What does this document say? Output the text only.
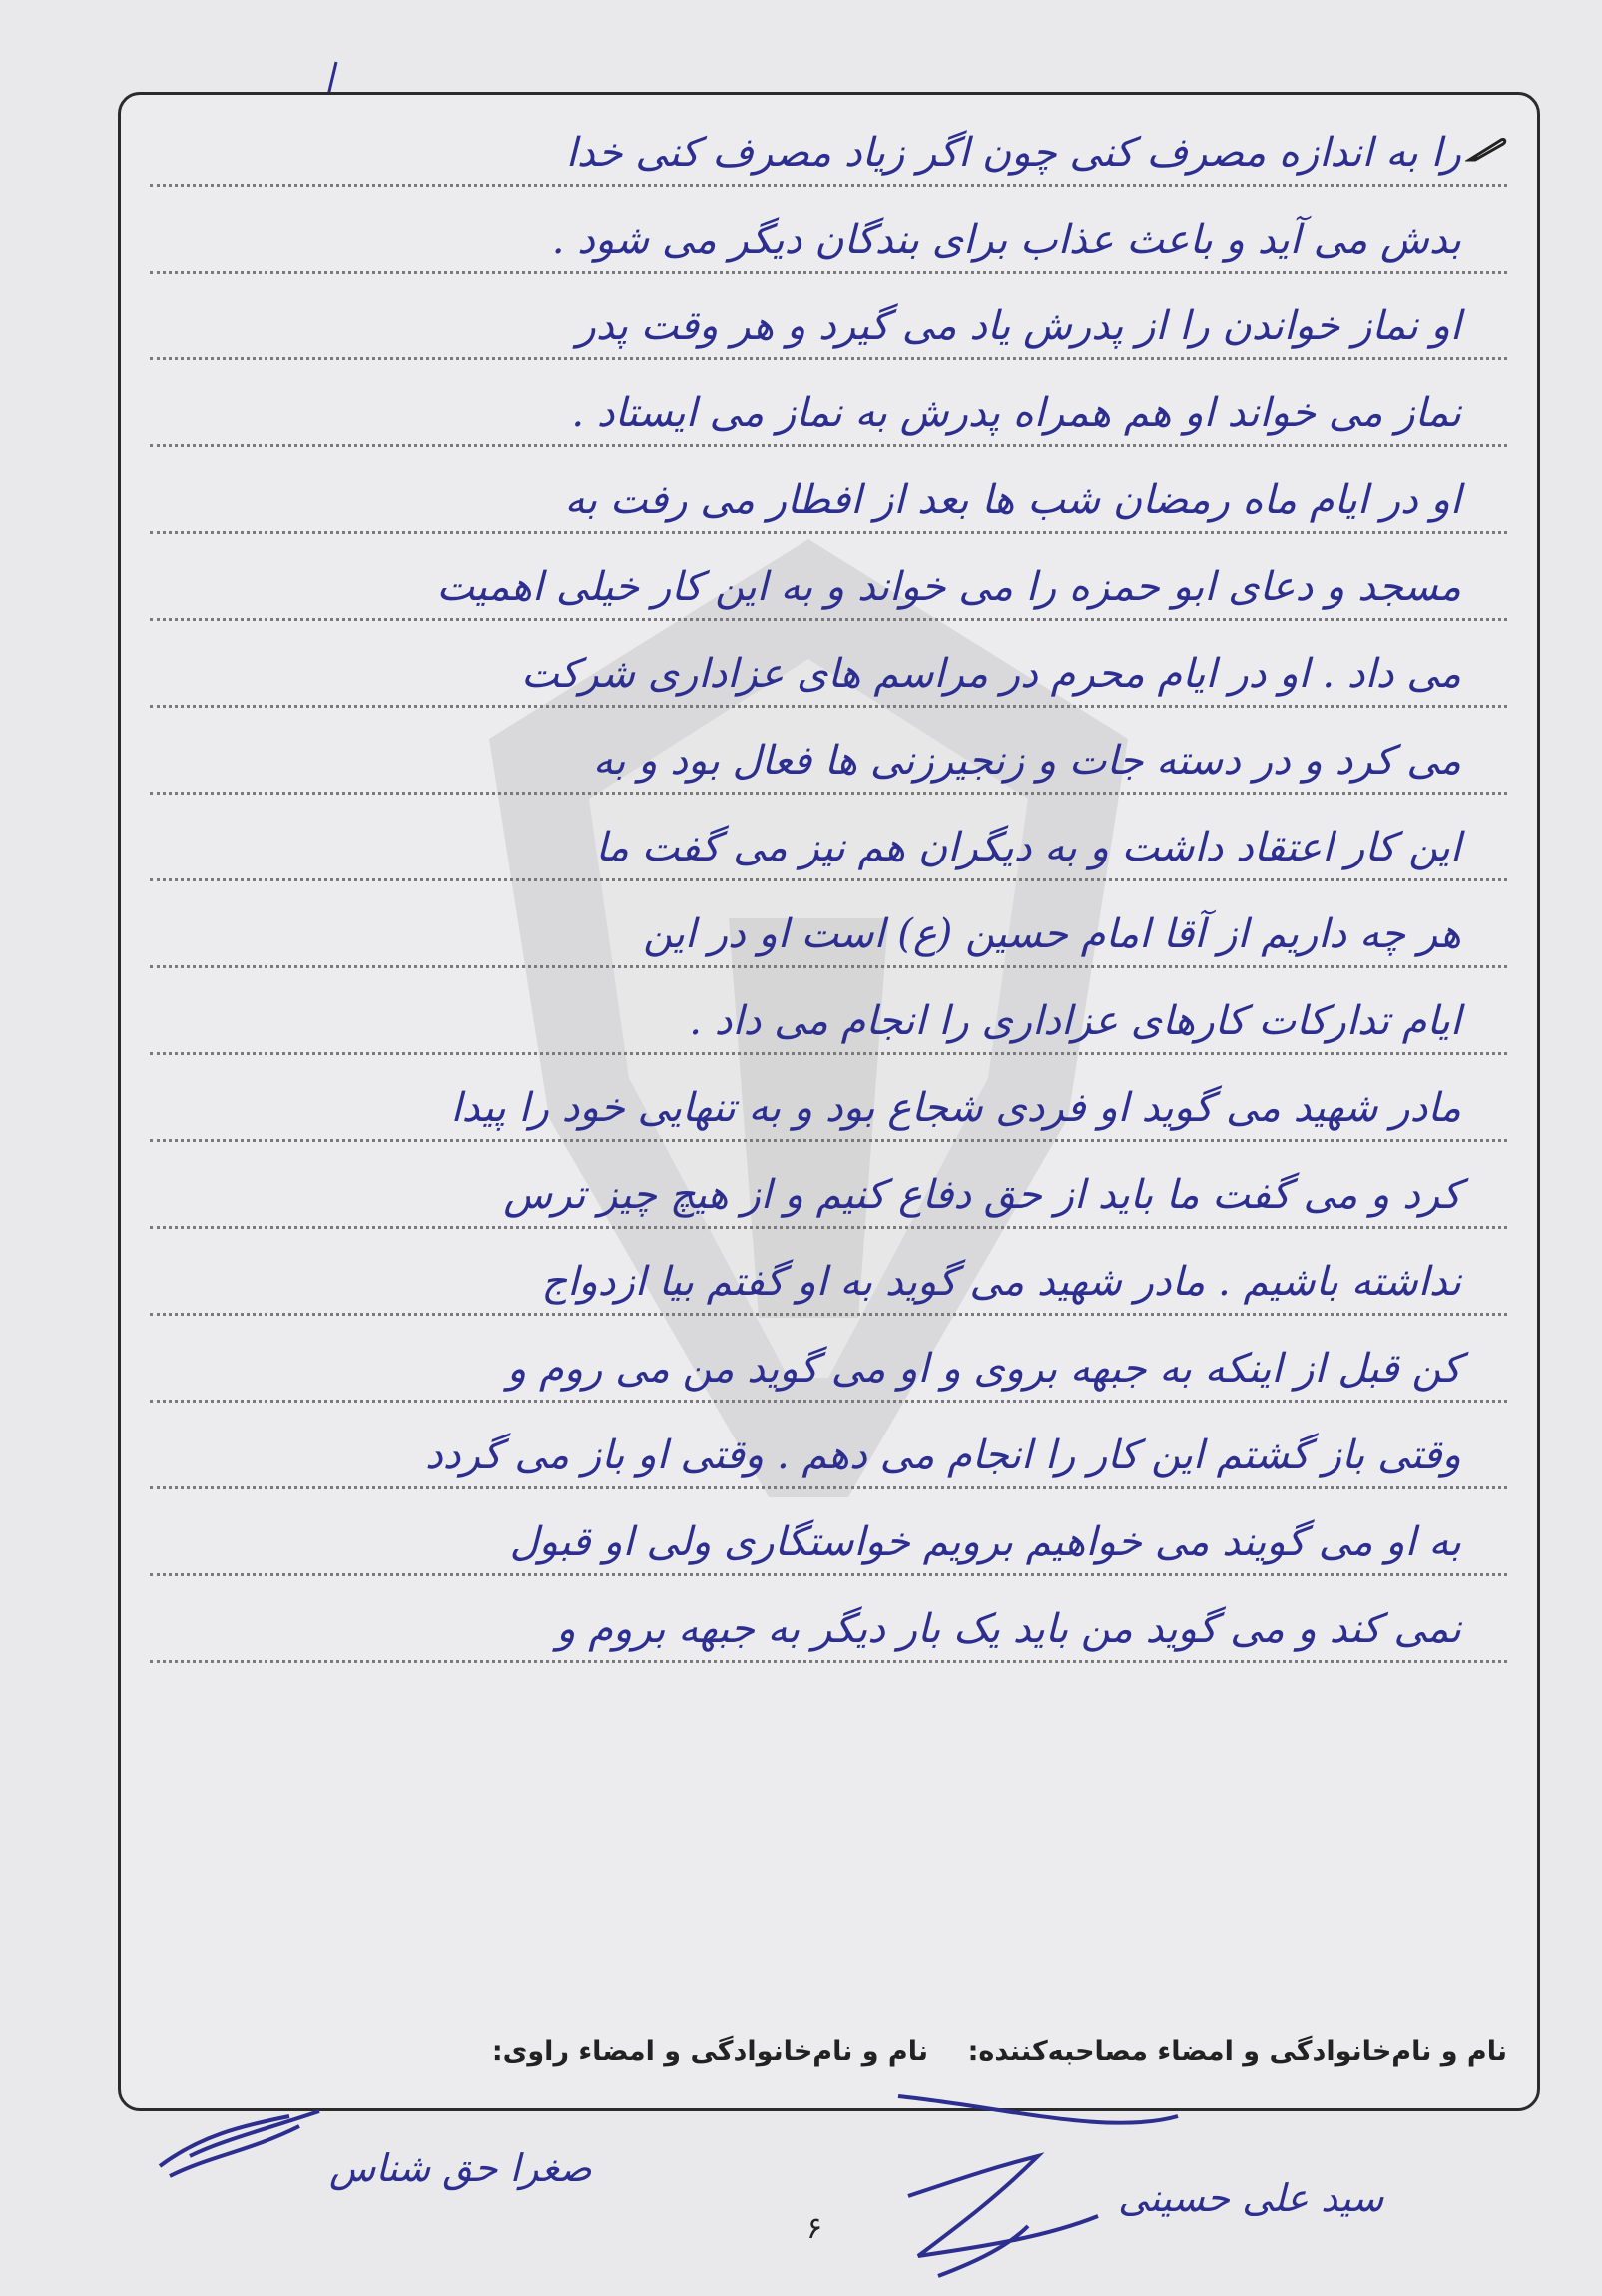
را به اندازه مصرف کنی چون اگر زیاد مصرف کنی خدا
بدش می آید و باعث عذاب برای بندگان دیگر می شود .
او نماز خواندن را از پدرش یاد می گیرد و هر وقت پدر
نماز می خواند او هم همراه پدرش به نماز می ایستاد .
او در ایام ماه رمضان شب ها بعد از افطار می رفت به
مسجد و دعای ابو حمزه را می خواند و به این کار خیلی اهمیت
می داد . او در ایام محرم در مراسم های عزاداری شرکت
می کرد و در دسته جات و زنجیرزنی ها فعال بود و به
این کار اعتقاد داشت و به دیگران هم نیز می گفت ما
هر چه داریم از آقا امام حسین (ع) است او در این
ایام تدارکات کارهای عزاداری را انجام می داد .
مادر شهید می گوید او فردی شجاع بود و به تنهایی خود را پیدا
کرد و می گفت ما باید از حق دفاع کنیم و از هیچ چیز ترس
نداشته باشیم . مادر شهید می گوید به او گفتم بیا ازدواج
کن قبل از اینکه به جبهه بروی و او می گوید من می روم و
وقتی باز گشتم این کار را انجام می دهم . وقتی او باز می گردد
به او می گویند می خواهیم برویم خواستگاری ولی او قبول
نمی کند و می گوید من باید یک بار دیگر به جبهه بروم و
نام و نام‌خانوادگی و امضاء مصاحبه‌کننده:
نام و نام‌خانوادگی و امضاء راوی:
صغرا حق شناس
سید علی حسینی
۶
